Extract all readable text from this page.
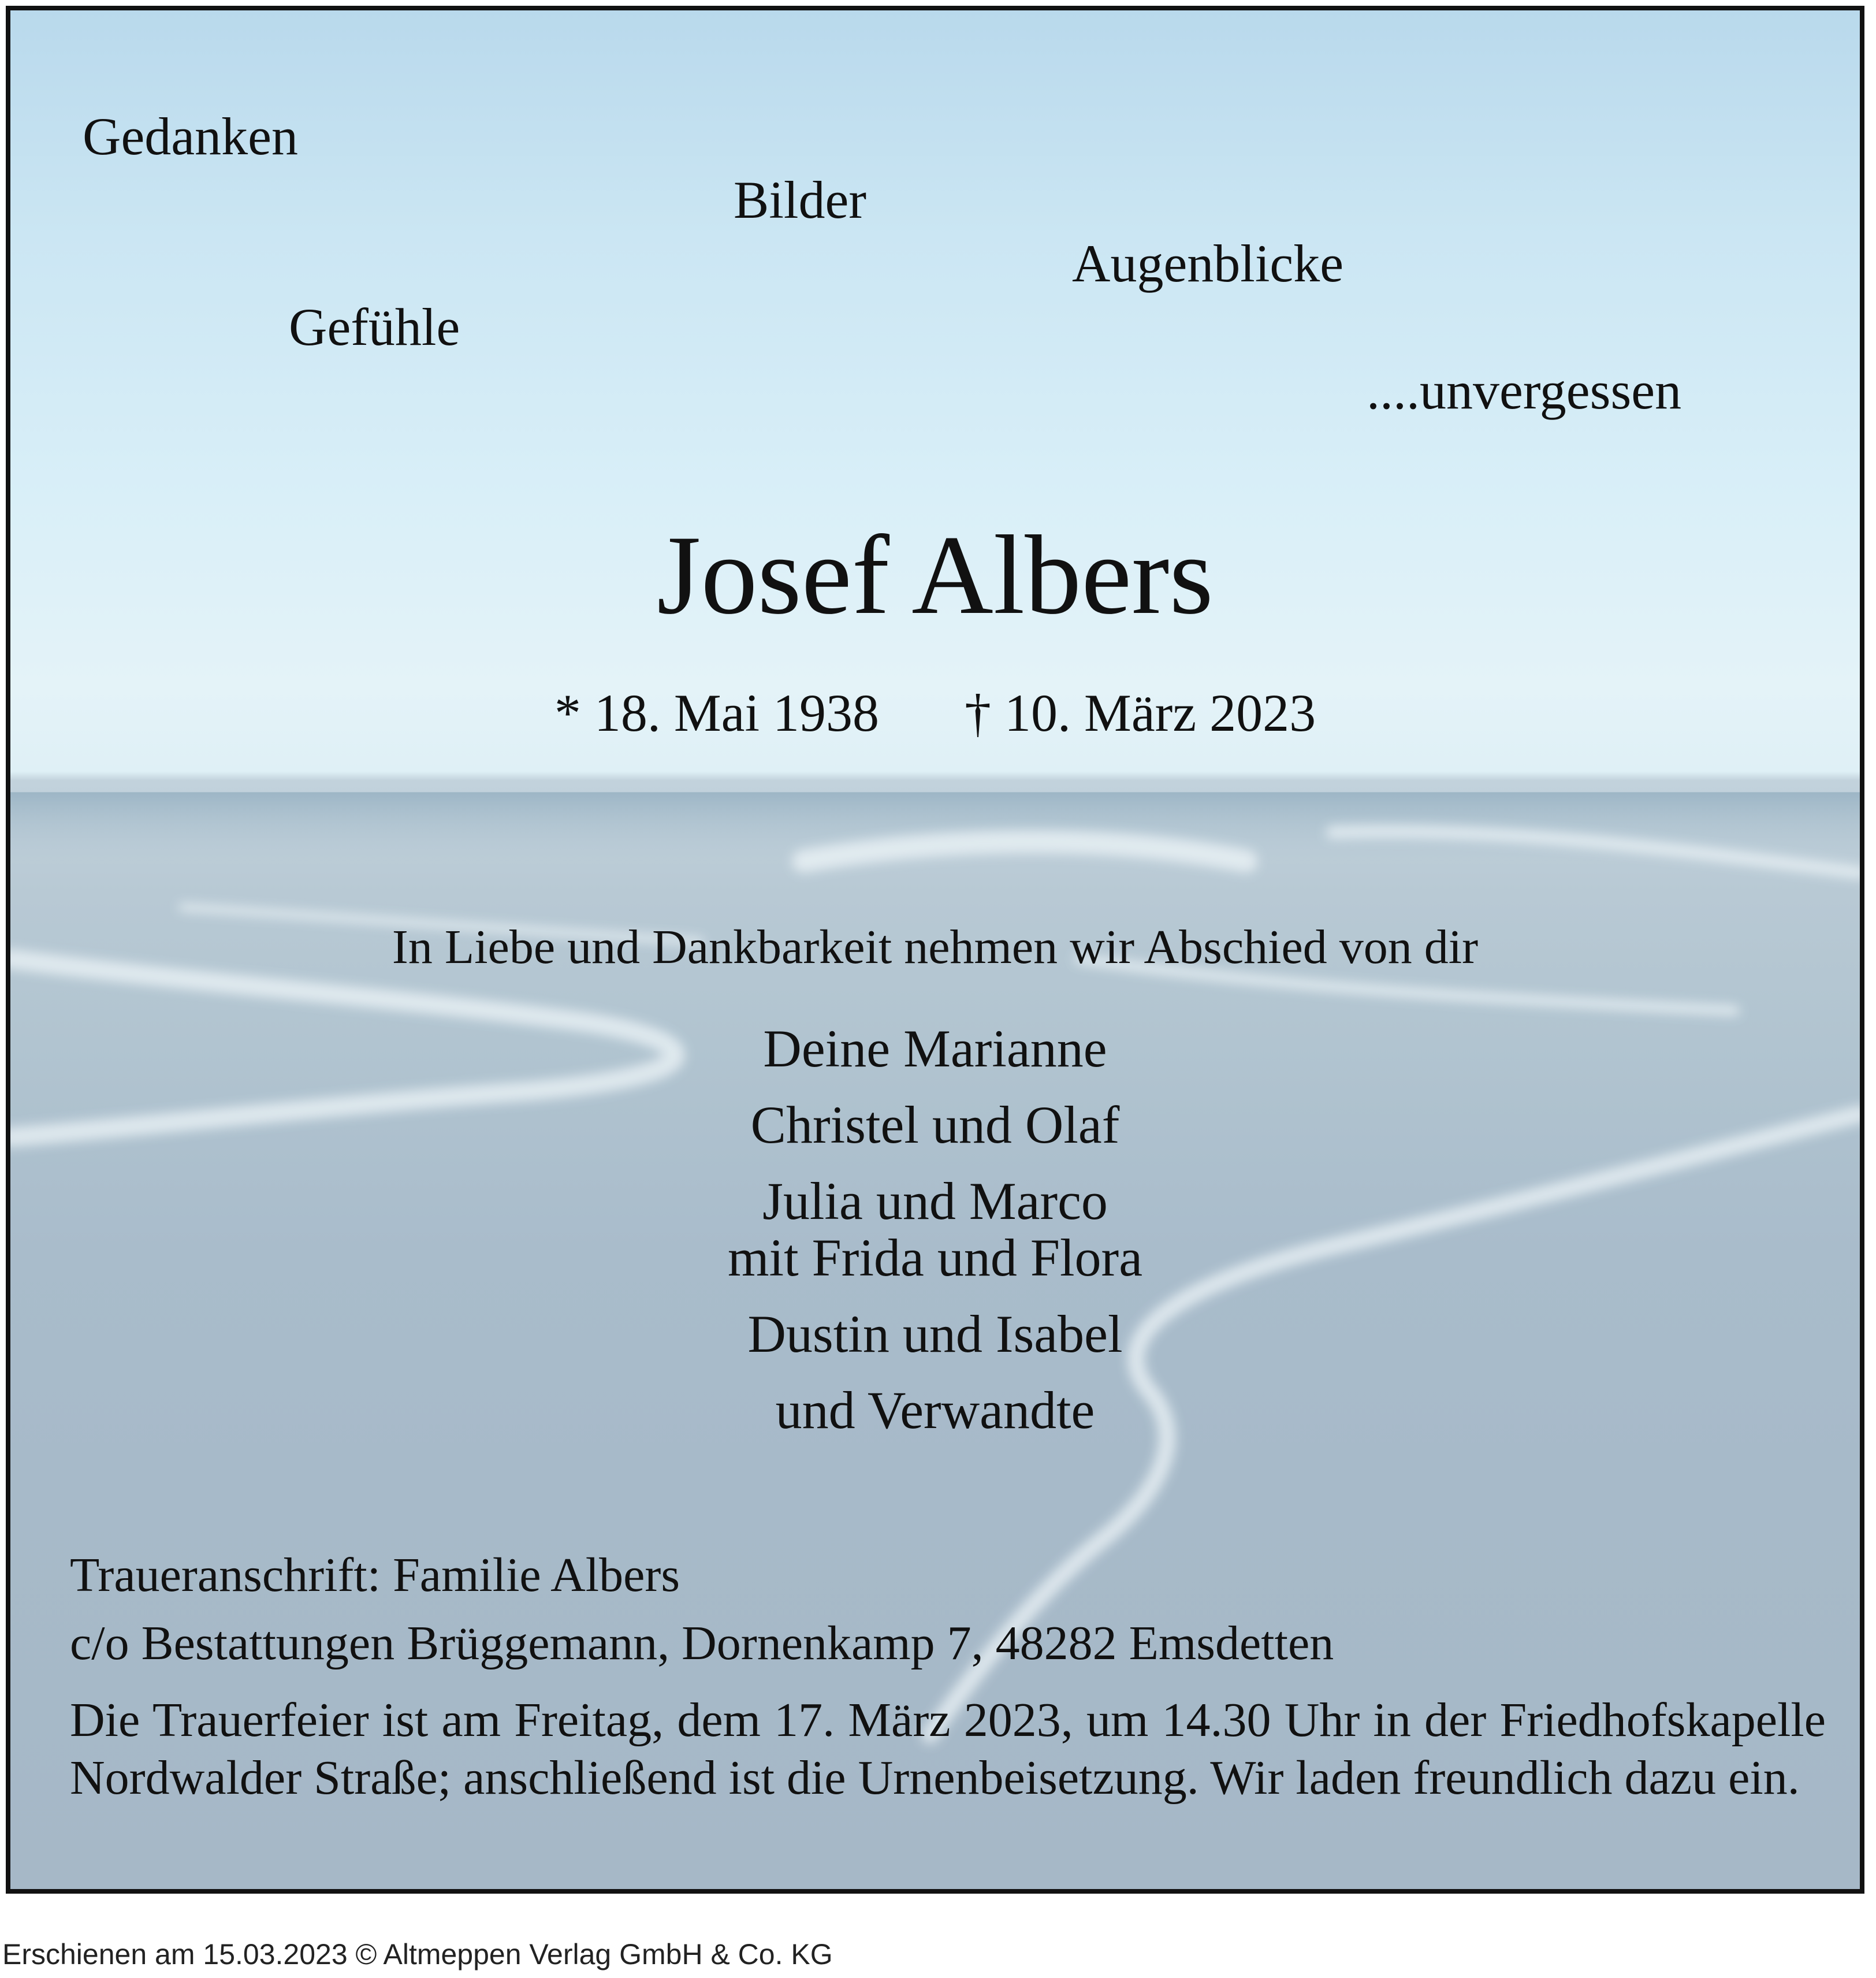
Gedanken
Bilder
Augenblicke
Gefühle
....unvergessen
Josef Albers
* 18. Mai 1938 † 10. März 2023
In Liebe und Dankbarkeit nehmen wir Abschied von dir
Deine Marianne
Christel und Olaf
Julia und Marco
mit Frida und Flora
Dustin und Isabel
und Verwandte
Traueranschrift: Familie Albers
c/o Bestattungen Brüggemann, Dornenkamp 7, 48282 Emsdetten
Die Trauerfeier ist am Freitag, dem 17. März 2023, um 14.30 Uhr in der Friedhofskapelle Nordwalder Straße; anschließend ist die Urnenbeisetzung. Wir laden freundlich dazu ein.
Erschienen am 15.03.2023 © Altmeppen Verlag GmbH & Co. KG
